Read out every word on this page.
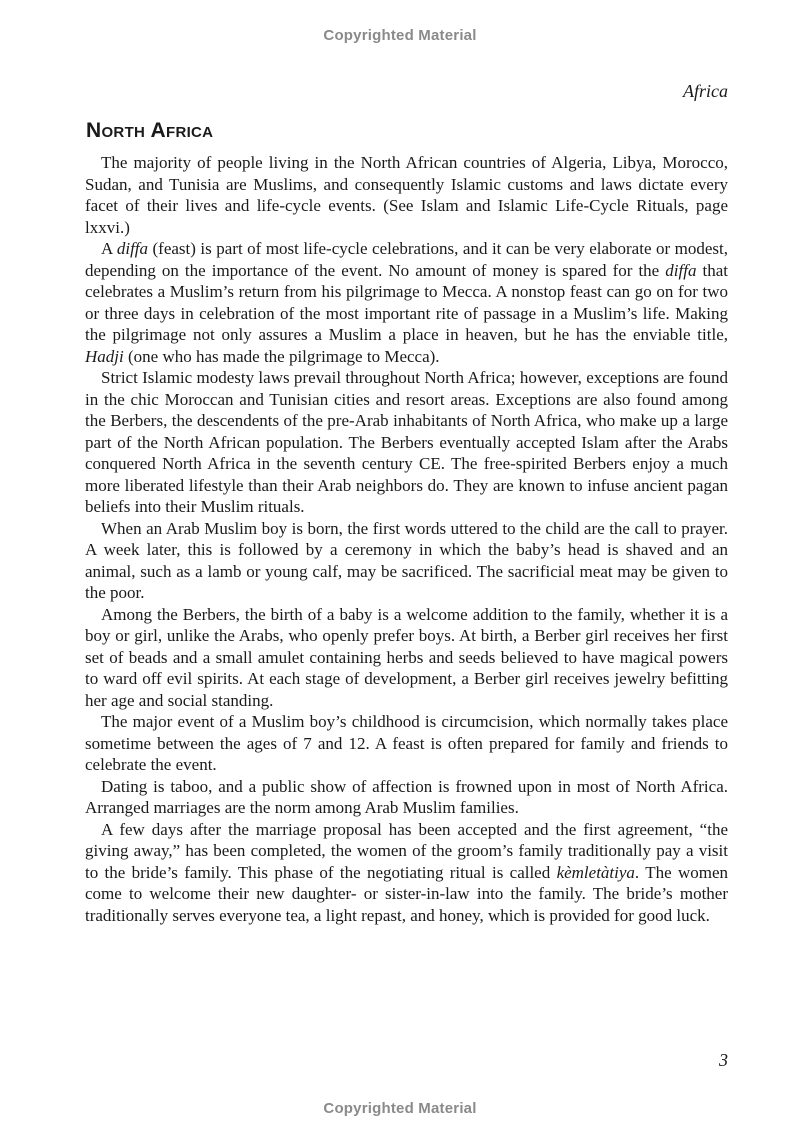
Copyrighted Material
Africa
North Africa

The majority of people living in the North African countries of Algeria, Libya, Morocco, Sudan, and Tunisia are Muslims, and consequently Islamic customs and laws dictate every facet of their lives and life-cycle events. (See Islam and Islamic Life-Cycle Rituals, page lxxvi.)

A diffa (feast) is part of most life-cycle celebrations, and it can be very elaborate or modest, depending on the importance of the event. No amount of money is spared for the diffa that celebrates a Muslim’s return from his pilgrimage to Mecca. A nonstop feast can go on for two or three days in celebration of the most important rite of passage in a Muslim’s life. Making the pilgrimage not only assures a Muslim a place in heaven, but he has the enviable title, Hadji (one who has made the pilgrimage to Mecca).

Strict Islamic modesty laws prevail throughout North Africa; however, exceptions are found in the chic Moroccan and Tunisian cities and resort areas. Exceptions are also found among the Berbers, the descendents of the pre-Arab inhabitants of North Africa, who make up a large part of the North African population. The Berbers eventually accepted Islam after the Arabs conquered North Africa in the seventh century CE. The free-spirited Berbers enjoy a much more liberated lifestyle than their Arab neighbors do. They are known to infuse ancient pagan beliefs into their Muslim rituals.

When an Arab Muslim boy is born, the first words uttered to the child are the call to prayer. A week later, this is followed by a ceremony in which the baby’s head is shaved and an animal, such as a lamb or young calf, may be sacrificed. The sacrificial meat may be given to the poor.

Among the Berbers, the birth of a baby is a welcome addition to the family, whether it is a boy or girl, unlike the Arabs, who openly prefer boys. At birth, a Berber girl receives her first set of beads and a small amulet containing herbs and seeds believed to have magical powers to ward off evil spirits. At each stage of development, a Berber girl receives jewelry befitting her age and social standing.

The major event of a Muslim boy’s childhood is circumcision, which normally takes place sometime between the ages of 7 and 12. A feast is often prepared for family and friends to celebrate the event.

Dating is taboo, and a public show of affection is frowned upon in most of North Africa. Arranged marriages are the norm among Arab Muslim families.

A few days after the marriage proposal has been accepted and the first agreement, “the giving away,” has been completed, the women of the groom’s family traditionally pay a visit to the bride’s family. This phase of the negotiating ritual is called kèmletàtiya. The women come to welcome their new daughter- or sister-in-law into the family. The bride’s mother traditionally serves everyone tea, a light repast, and honey, which is provided for good luck.

3
Copyrighted Material
